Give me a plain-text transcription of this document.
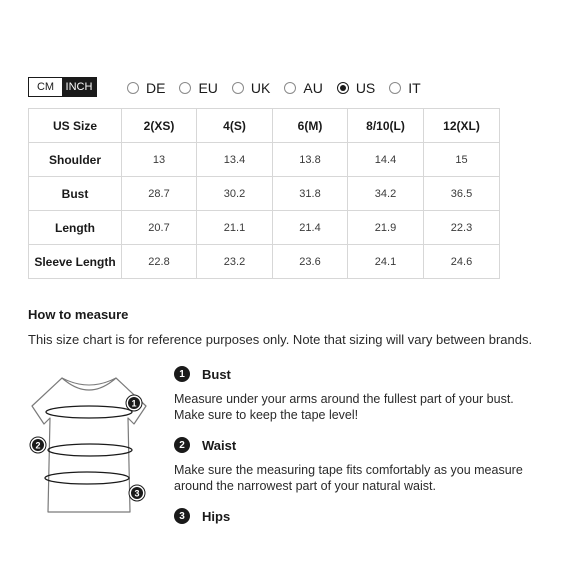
CM	INCH	DE EU UK AU US IT
US Size	2(XS)	4(S)	6(M)	8/10(L)	12(XL)
Shoulder	13	13.4	13.8	14.4	15
Bust	28.7	30.2	31.8	34.2	36.5
Length	20.7	21.1	21.4	21.9	22.3
Sleeve Length	22.8	23.2	23.6	24.1	24.6
How to measure
This size chart is for reference purposes only. Note that sizing will vary between brands.
1
2
3
1	Bust
Measure under your arms around the fullest part of your bust. Make sure to keep the tape level!
2	Waist
Make sure the measuring tape fits comfortably as you measure around the narrowest part of your natural waist.
3	Hips
